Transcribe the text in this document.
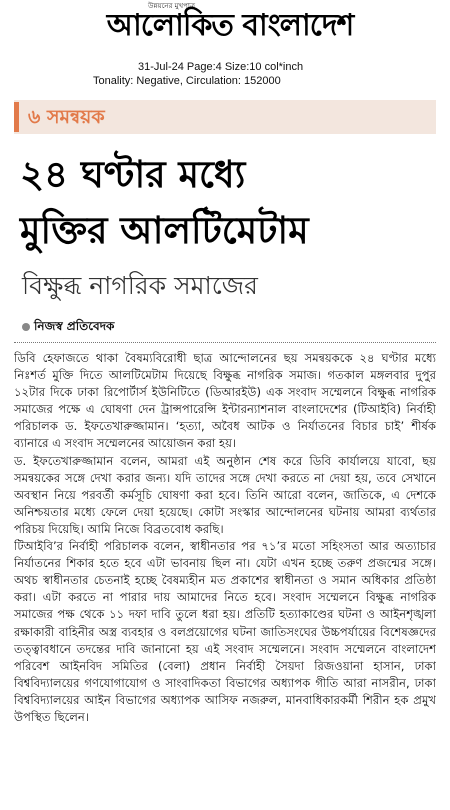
উন্নয়নের মুখপাত্র
আলোকিত বাংলাদেশ
31-Jul-24 Page:4 Size:10 col*inch
Tonality: Negative, Circulation: 152000
৬ সমন্বয়ক
২৪ ঘণ্টার মধ্যে
মুক্তির আলটিমেটাম
বিক্ষুব্ধ নাগরিক সমাজের
নিজস্ব প্রতিবেদক

ডিবি হেফাজতে থাকা বৈষম্যবিরোধী ছাত্র আন্দোলনের ছয় সমন্বয়ককে ২৪ ঘণ্টার মধ্যে নিঃশর্ত মুক্তি দিতে আলটিমেটাম দিয়েছে বিক্ষুব্ধ নাগরিক সমাজ। গতকাল মঙ্গলবার দুপুর ১২টার দিকে ঢাকা রিপোর্টার্স ইউনিটিতে (ডিআরইউ) এক সংবাদ সম্মেলনে বিক্ষুব্ধ নাগরিক সমাজের পক্ষে এ ঘোষণা দেন ট্রান্সপারেন্সি ইন্টারন্যাশনাল বাংলাদেশের (টিআইবি) নির্বাহী পরিচালক ড. ইফতেখারুজ্জামান। ‘হত্যা, অবৈধ আটক ও নির্যাতনের বিচার চাই’ শীর্ষক ব্যানারে এ সংবাদ সম্মেলনের আয়োজন করা হয়।

ড. ইফতেখারুজ্জামান বলেন, আমরা এই অনুষ্ঠান শেষ করে ডিবি কার্যালয়ে যাবো, ছয় সমন্বয়কের সঙ্গে দেখা করার জন্য। যদি তাদের সঙ্গে দেখা করতে না দেয়া হয়, তবে সেখানে অবস্থান নিয়ে পরবর্তী কর্মসূচি ঘোষণা করা হবে। তিনি আরো বলেন, জাতিকে, এ দেশকে অনিশ্চয়তার মধ্যে ফেলে দেয়া হয়েছে। কোটা সংস্কার আন্দোলনের ঘটনায় আমরা ব্যর্থতার পরিচয় দিয়েছি। আমি নিজে বিব্রতবোধ করছি।

টিআইবি’র নির্বাহী পরিচালক বলেন, স্বাধীনতার পর ৭১’র মতো সহিংসতা আর অত্যাচার নির্যাতনের শিকার হতে হবে এটা ভাবনায় ছিল না। যেটা এখন হচ্ছে তরুণ প্রজন্মের সঙ্গে। অথচ স্বাধীনতার চেতনাই হচ্ছে বৈষম্যহীন মত প্রকাশের স্বাধীনতা ও সমান অধিকার প্রতিষ্ঠা করা। এটা করতে না পারার দায় আমাদের নিতে হবে। সংবাদ সম্মেলনে বিক্ষুব্ধ নাগরিক সমাজের পক্ষ থেকে ১১ দফা দাবি তুলে ধরা হয়। প্রতিটি হত্যাকাণ্ডের ঘটনা ও আইনশৃঙ্খলা রক্ষাকারী বাহিনীর অস্ত্র ব্যবহার ও বলপ্রয়োগের ঘটনা জাতিসংঘের উচ্চপর্যায়ের বিশেষজ্ঞদের তত্ত্বাবধানে তদন্তের দাবি জানানো হয় এই সংবাদ সম্মেলনে। সংবাদ সম্মেলনে বাংলাদেশ পরিবেশ আইনবিদ সমিতির (বেলা) প্রধান নির্বাহী সৈয়দা রিজওয়ানা হাসান, ঢাকা বিশ্ববিদ্যালয়ের গণযোগাযোগ ও সাংবাদিকতা বিভাগের অধ্যাপক গীতি আরা নাসরীন, ঢাকা বিশ্ববিদ্যালয়ের আইন বিভাগের অধ্যাপক আসিফ নজরুল, মানবাধিকারকর্মী শিরীন হক প্রমুখ উপস্থিত ছিলেন।
